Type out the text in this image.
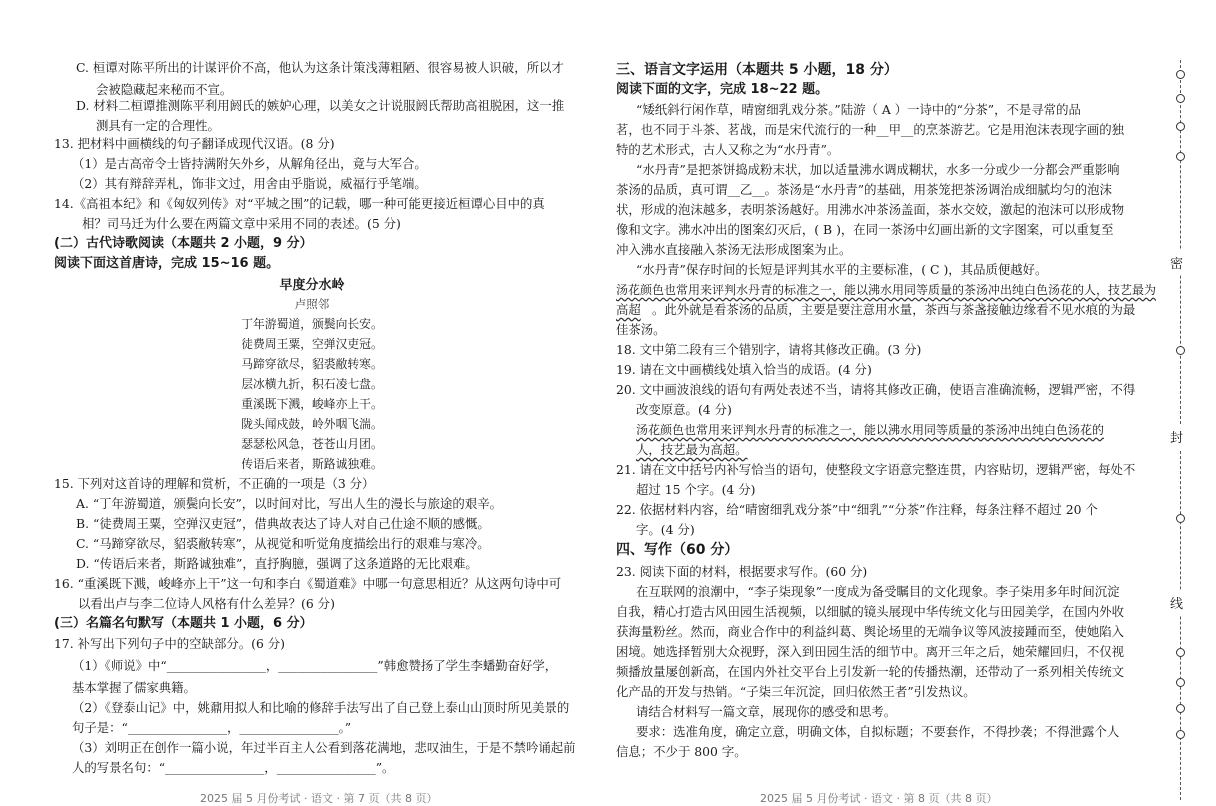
C. 桓谭对陈平所出的计谋评价不高，他认为这条计策浅薄粗陋、很容易被人识破，所以才
会被隐藏起来秘而不宣。
D. 材料二桓谭推测陈平利用阏氏的嫉妒心理，以美女之计说服阏氏帮助高祖脱困，这一推
测具有一定的合理性。
13. 把材料中画横线的句子翻译成现代汉语。(8 分)
（1）是古高帝令士皆持满附矢外乡，从解角径出，竟与大军合。
（2）其有辩辞弄札，饰非文过，用舍由乎脂说，威福行乎笔端。
14.《高祖本纪》和《匈奴列传》对“平城之围”的记载，哪一种可能更接近桓谭心目中的真
相？司马迁为什么要在两篇文章中采用不同的表述。(5 分)
(二）古代诗歌阅读（本题共 2 小题，9 分）
阅读下面这首唐诗，完成 15~16 题。
早度分水岭
卢照邻
丁年游蜀道，颁鬓向长安。
徒费周王粟，空弹汉吏冠。
马蹄穿欲尽，貂裘敝转寒。
层冰横九折，积石凌七盘。
重溪既下溅，峻峰亦上干。
陇头闻戍鼓，岭外咽飞湍。
瑟瑟松风急，苍苍山月团。
传语后来者，斯路诚独难。
15. 下列对这首诗的理解和赏析，不正确的一项是（3 分）
A. “丁年游蜀道，颁鬓向长安”，以时间对比，写出人生的漫长与旅途的艰辛。
B. “徒费周王粟，空弹汉吏冠”，借典故表达了诗人对自己仕途不顺的感慨。
C. “马蹄穿欲尽，貂裘敝转寒”，从视觉和听觉角度描绘出行的艰难与寒冷。
D. “传语后来者，斯路诚独难”，直抒胸臆，强调了这条道路的无比艰难。
16. “重溪既下溅，峻峰亦上干”这一句和李白《蜀道难》中哪一句意思相近？从这两句诗中可
以看出卢与李二位诗人风格有什么差异？(6 分)
(三）名篇名句默写（本题共 1 小题，6 分）
17. 补写出下列句子中的空缺部分。(6 分)
（1）《师说》中“________________，________________”韩愈赞扬了学生李蟠勤奋好学，
基本掌握了儒家典籍。
（2）《登泰山记》中，姚鼐用拟人和比喻的修辞手法写出了自己登上泰山山顶时所见美景的
句子是：“________________，________________。”
（3）刘明正在创作一篇小说，年过半百主人公看到落花满地，悲叹油生，于是不禁吟诵起前
人的写景名句：“________________，________________”。
2025 届 5 月份考试 · 语文 · 第 7 页（共 8 页）
三、语言文字运用（本题共 5 小题，18 分）
阅读下面的文字，完成 18~22 题。
“矮纸斜行闲作草，晴窗细乳戏分茶。”陆游（ A ）一诗中的“分茶”，不是寻常的品
茗，也不同于斗茶、茗战，而是宋代流行的一种__甲__的烹茶游艺。它是用泡沫表现字画的独
特的艺术形式，古人又称之为“水丹青”。
“水丹青”是把茶饼捣成粉末状，加以适量沸水调成糊状，水多一分或少一分都会严重影响
茶汤的品质，真可谓__乙__。茶汤是“水丹青”的基础，用茶笼把茶汤调治成细腻均匀的泡沫
状，形成的泡沫越多，表明茶汤越好。用沸水冲茶汤盖面，茶水交姣，激起的泡沫可以形成物
像和文字。沸水冲出的图案幻灭后，( B )，在同一茶汤中幻画出新的文字图案，可以重复至
冲入沸水直接融入茶汤无法形成图案为止。
“水丹青”保存时间的长短是评判其水平的主要标准，( C )，其品质便越好。
汤花颜色也常用来评判水丹青的标准之一，能以沸水用同等质量的茶汤冲出纯白色汤花的人，技艺最为
高超 。此外就是看茶汤的品质，主要是要注意用水量，茶西与茶盏接触边缘看不见水痕的为最
佳茶汤。
18. 文中第二段有三个错别字，请将其修改正确。(3 分)
19. 请在文中画横线处填入恰当的成语。(4 分)
20. 文中画波浪线的语句有两处表述不当，请将其修改正确，使语言准确流畅，逻辑严密，不得
改变原意。(4 分)
汤花颜色也常用来评判水丹青的标准之一，能以沸水用同等质量的茶汤冲出纯白色汤花的
人，技艺最为高超。
21. 请在文中括号内补写恰当的语句，使整段文字语意完整连贯，内容贴切，逻辑严密，每处不
超过 15 个字。(4 分)
22. 依据材料内容，给“晴窗细乳戏分茶”中“细乳”“分茶”作注释，每条注释不超过 20 个
字。(4 分)
四、写作（60 分）
23. 阅读下面的材料，根据要求写作。(60 分)
在互联网的浪潮中，“李子柒现象”一度成为备受瞩目的文化现象。李子柒用多年时间沉淀
自我，精心打造古风田园生活视频，以细腻的镜头展现中华传统文化与田园美学，在国内外收
获海量粉丝。然而，商业合作中的利益纠葛、舆论场里的无端争议等风波接踵而至，使她陷入
困境。她选择暂别大众视野，深入到田园生活的细节中。离开三年之后，她荣耀回归，不仅视
频播放量屡创新高，在国内外社交平台上引发新一轮的传播热潮，还带动了一系列相关传统文
化产品的开发与热销。“子柒三年沉淀，回归依然王者”引发热议。
请结合材料写一篇文章，展现你的感受和思考。
要求：选准角度，确定立意，明确文体，自拟标题；不要套作，不得抄袭；不得泄露个人
信息；不少于 800 字。
2025 届 5 月份考试 · 语文 · 第 8 页（共 8 页）
密
封
线
